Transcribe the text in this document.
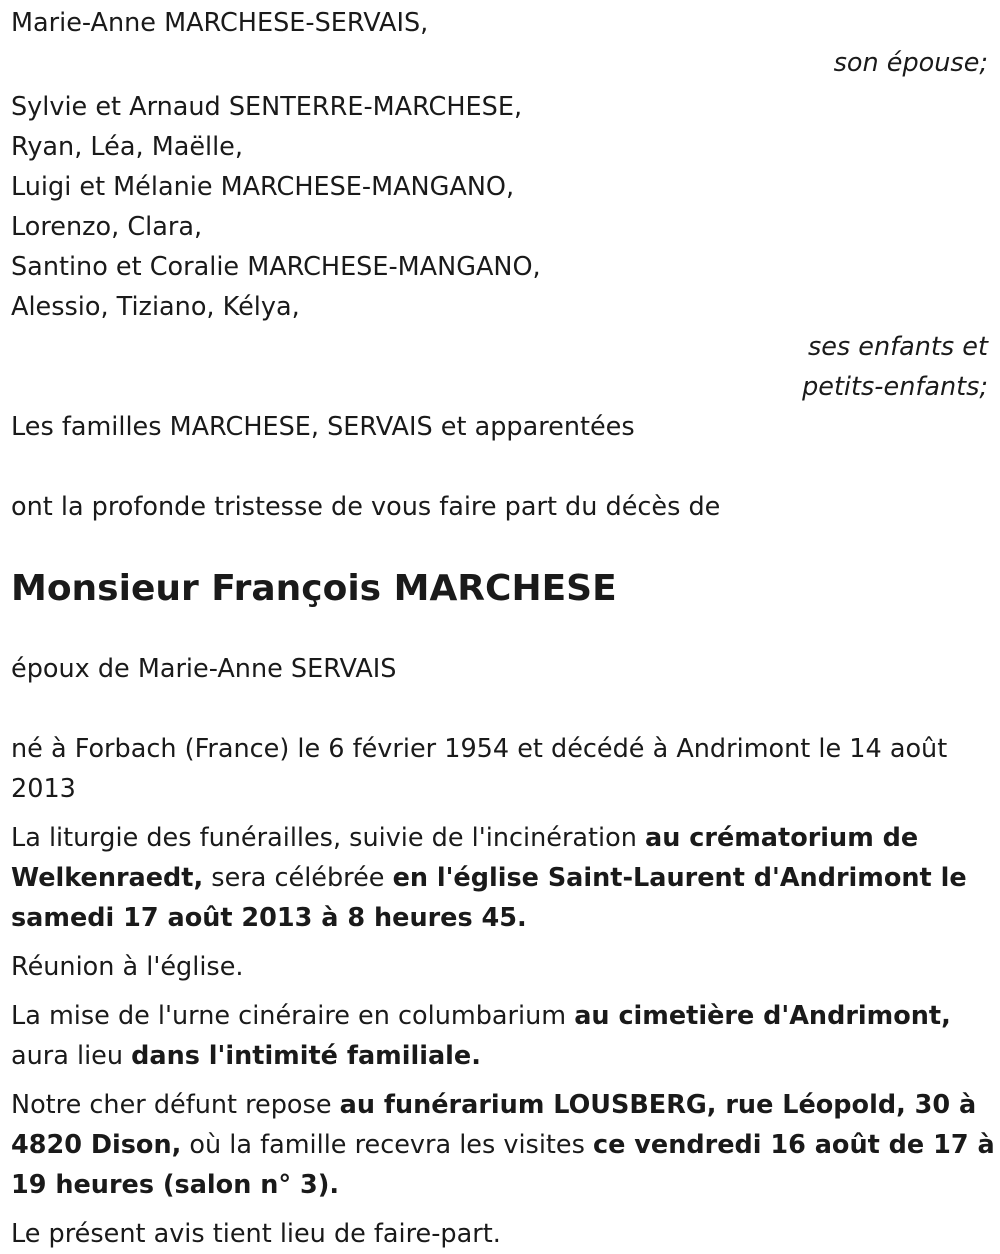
Marie-Anne MARCHESE-SERVAIS,
son épouse;
Sylvie et Arnaud SENTERRE-MARCHESE,
Ryan, Léa, Maëlle,
Luigi et Mélanie MARCHESE-MANGANO,
Lorenzo, Clara,
Santino et Coralie MARCHESE-MANGANO,
Alessio, Tiziano, Kélya,
ses enfants et
petits-enfants;
Les familles MARCHESE, SERVAIS et apparentées
ont la profonde tristesse de vous faire part du décès de
Monsieur François MARCHESE
époux de Marie-Anne SERVAIS
né à Forbach (France) le 6 février 1954 et décédé à Andrimont le 14 août
2013
La liturgie des funérailles, suivie de l'incinération au crématorium de
Welkenraedt, sera célébrée en l'église Saint-Laurent d'Andrimont le
samedi 17 août 2013 à 8 heures 45.
Réunion à l'église.
La mise de l'urne cinéraire en columbarium au cimetière d'Andrimont,
aura lieu dans l'intimité familiale.
Notre cher défunt repose au funérarium LOUSBERG, rue Léopold, 30 à
4820 Dison, où la famille recevra les visites ce vendredi 16 août de 17 à
19 heures (salon n° 3).
Le présent avis tient lieu de faire-part.
